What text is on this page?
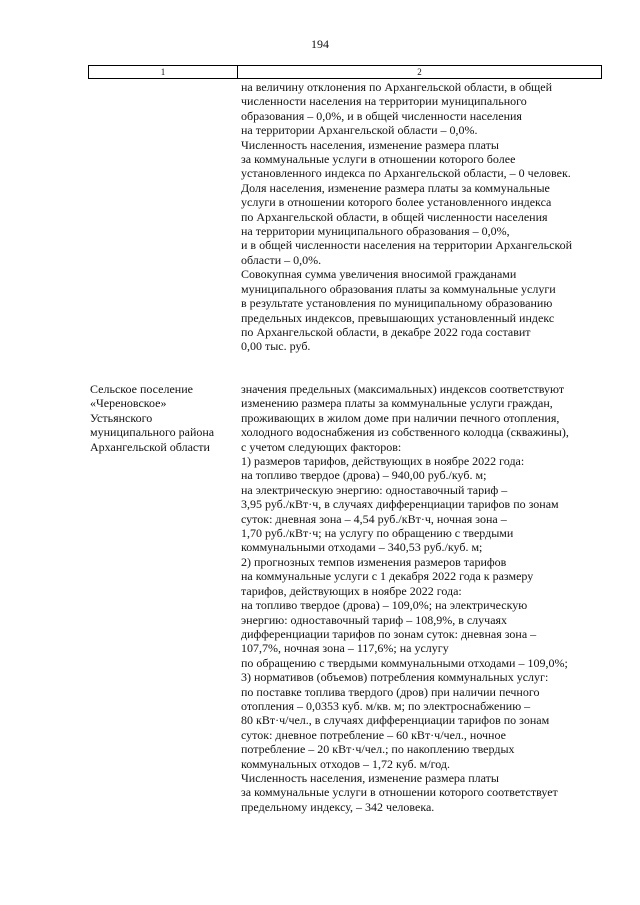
194
1	2
на величину отклонения по Архангельской области, в общей
численности населения на территории муниципального
образования – 0,0%, и в общей численности населения
на территории Архангельской области – 0,0%.
Численность населения, изменение размера платы
за коммунальные услуги в отношении которого более
установленного индекса по Архангельской области, – 0 человек.
Доля населения, изменение размера платы за коммунальные
услуги в отношении которого более установленного индекса
по Архангельской области, в общей численности населения
на территории муниципального образования – 0,0%,
и в общей численности населения на территории Архангельской
области – 0,0%.
Совокупная сумма увеличения вносимой гражданами
муниципального образования платы за коммунальные услуги
в результате установления по муниципальному образованию
предельных индексов, превышающих установленный индекс
по Архангельской области, в декабре 2022 года составит
0,00 тыс. руб.
Сельское поселение
«Череновское»
Устьянского
муниципального района
Архангельской области
значения предельных (максимальных) индексов соответствуют
изменению размера платы за коммунальные услуги граждан,
проживающих в жилом доме при наличии печного отопления,
холодного водоснабжения из собственного колодца (скважины),
с учетом следующих факторов:
1) размеров тарифов, действующих в ноябре 2022 года:
на топливо твердое (дрова) – 940,00 руб./куб. м;
на электрическую энергию: одноставочный тариф –
3,95 руб./кВт·ч, в случаях дифференциации тарифов по зонам
суток: дневная зона – 4,54 руб./кВт·ч, ночная зона –
1,70 руб./кВт·ч; на услугу по обращению с твердыми
коммунальными отходами – 340,53 руб./куб. м;
2) прогнозных темпов изменения размеров тарифов
на коммунальные услуги с 1 декабря 2022 года к размеру
тарифов, действующих в ноябре 2022 года:
на топливо твердое (дрова) – 109,0%; на электрическую
энергию: одноставочный тариф – 108,9%, в случаях
дифференциации тарифов по зонам суток: дневная зона –
107,7%, ночная зона – 117,6%; на услугу
по обращению с твердыми коммунальными отходами – 109,0%;
3) нормативов (объемов) потребления коммунальных услуг:
по поставке топлива твердого (дров) при наличии печного
отопления – 0,0353 куб. м/кв. м; по электроснабжению –
80 кВт·ч/чел., в случаях дифференциации тарифов по зонам
суток: дневное потребление – 60 кВт·ч/чел., ночное
потребление – 20 кВт·ч/чел.; по накоплению твердых
коммунальных отходов – 1,72 куб. м/год.
Численность населения, изменение размера платы
за коммунальные услуги в отношении которого соответствует
предельному индексу, – 342 человека.
